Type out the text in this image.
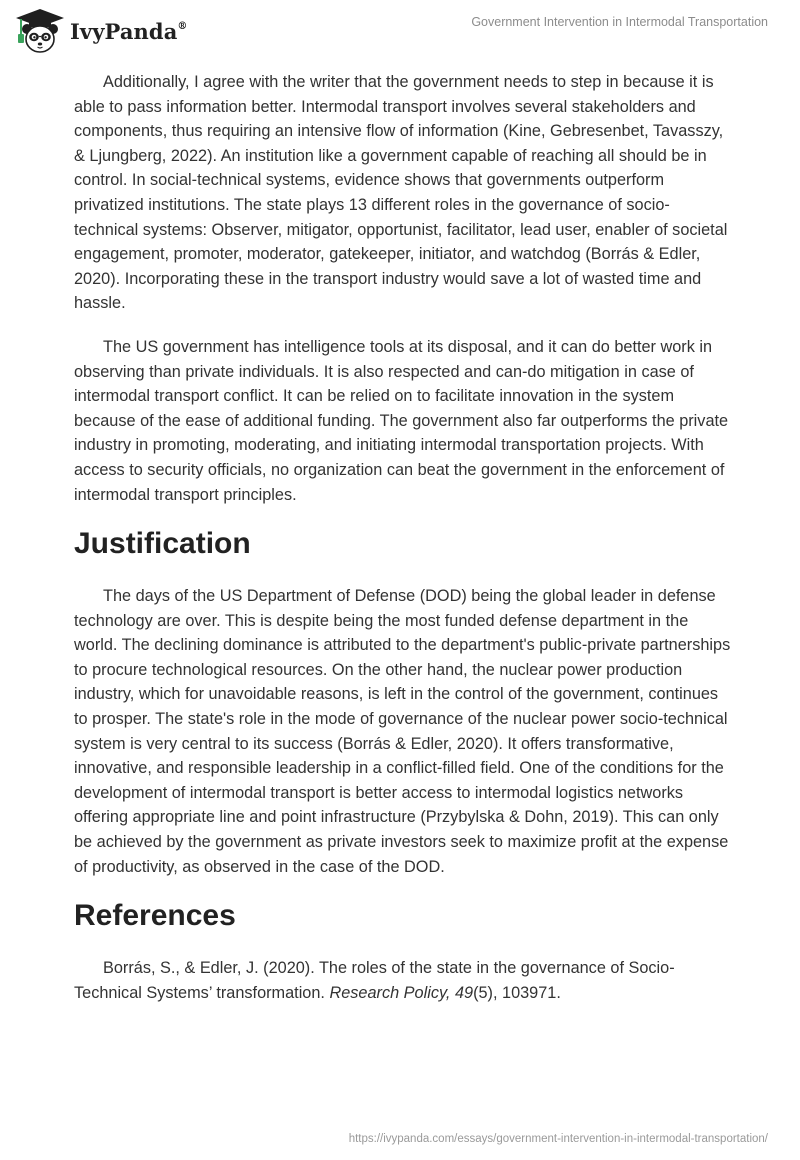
IvyPanda®	Government Intervention in Intermodal Transportation

Additionally, I agree with the writer that the government needs to step in because it is able to pass information better. Intermodal transport involves several stakeholders and components, thus requiring an intensive flow of information (Kine, Gebresenbet, Tavasszy, & Ljungberg, 2022). An institution like a government capable of reaching all should be in control. In social-technical systems, evidence shows that governments outperform privatized institutions. The state plays 13 different roles in the governance of socio-technical systems: Observer, mitigator, opportunist, facilitator, lead user, enabler of societal engagement, promoter, moderator, gatekeeper, initiator, and watchdog (Borrás & Edler, 2020). Incorporating these in the transport industry would save a lot of wasted time and hassle.

The US government has intelligence tools at its disposal, and it can do better work in observing than private individuals. It is also respected and can-do mitigation in case of intermodal transport conflict. It can be relied on to facilitate innovation in the system because of the ease of additional funding. The government also far outperforms the private industry in promoting, moderating, and initiating intermodal transportation projects. With access to security officials, no organization can beat the government in the enforcement of intermodal transport principles.

Justification

The days of the US Department of Defense (DOD) being the global leader in defense technology are over. This is despite being the most funded defense department in the world. The declining dominance is attributed to the department's public-private partnerships to procure technological resources. On the other hand, the nuclear power production industry, which for unavoidable reasons, is left in the control of the government, continues to prosper. The state's role in the mode of governance of the nuclear power socio-technical system is very central to its success (Borrás & Edler, 2020). It offers transformative, innovative, and responsible leadership in a conflict-filled field. One of the conditions for the development of intermodal transport is better access to intermodal logistics networks offering appropriate line and point infrastructure (Przybylska & Dohn, 2019). This can only be achieved by the government as private investors seek to maximize profit at the expense of productivity, as observed in the case of the DOD.

References

Borrás, S., & Edler, J. (2020). The roles of the state in the governance of Socio-Technical Systems’ transformation. Research Policy, 49(5), 103971.

https://ivypanda.com/essays/government-intervention-in-intermodal-transportation/
